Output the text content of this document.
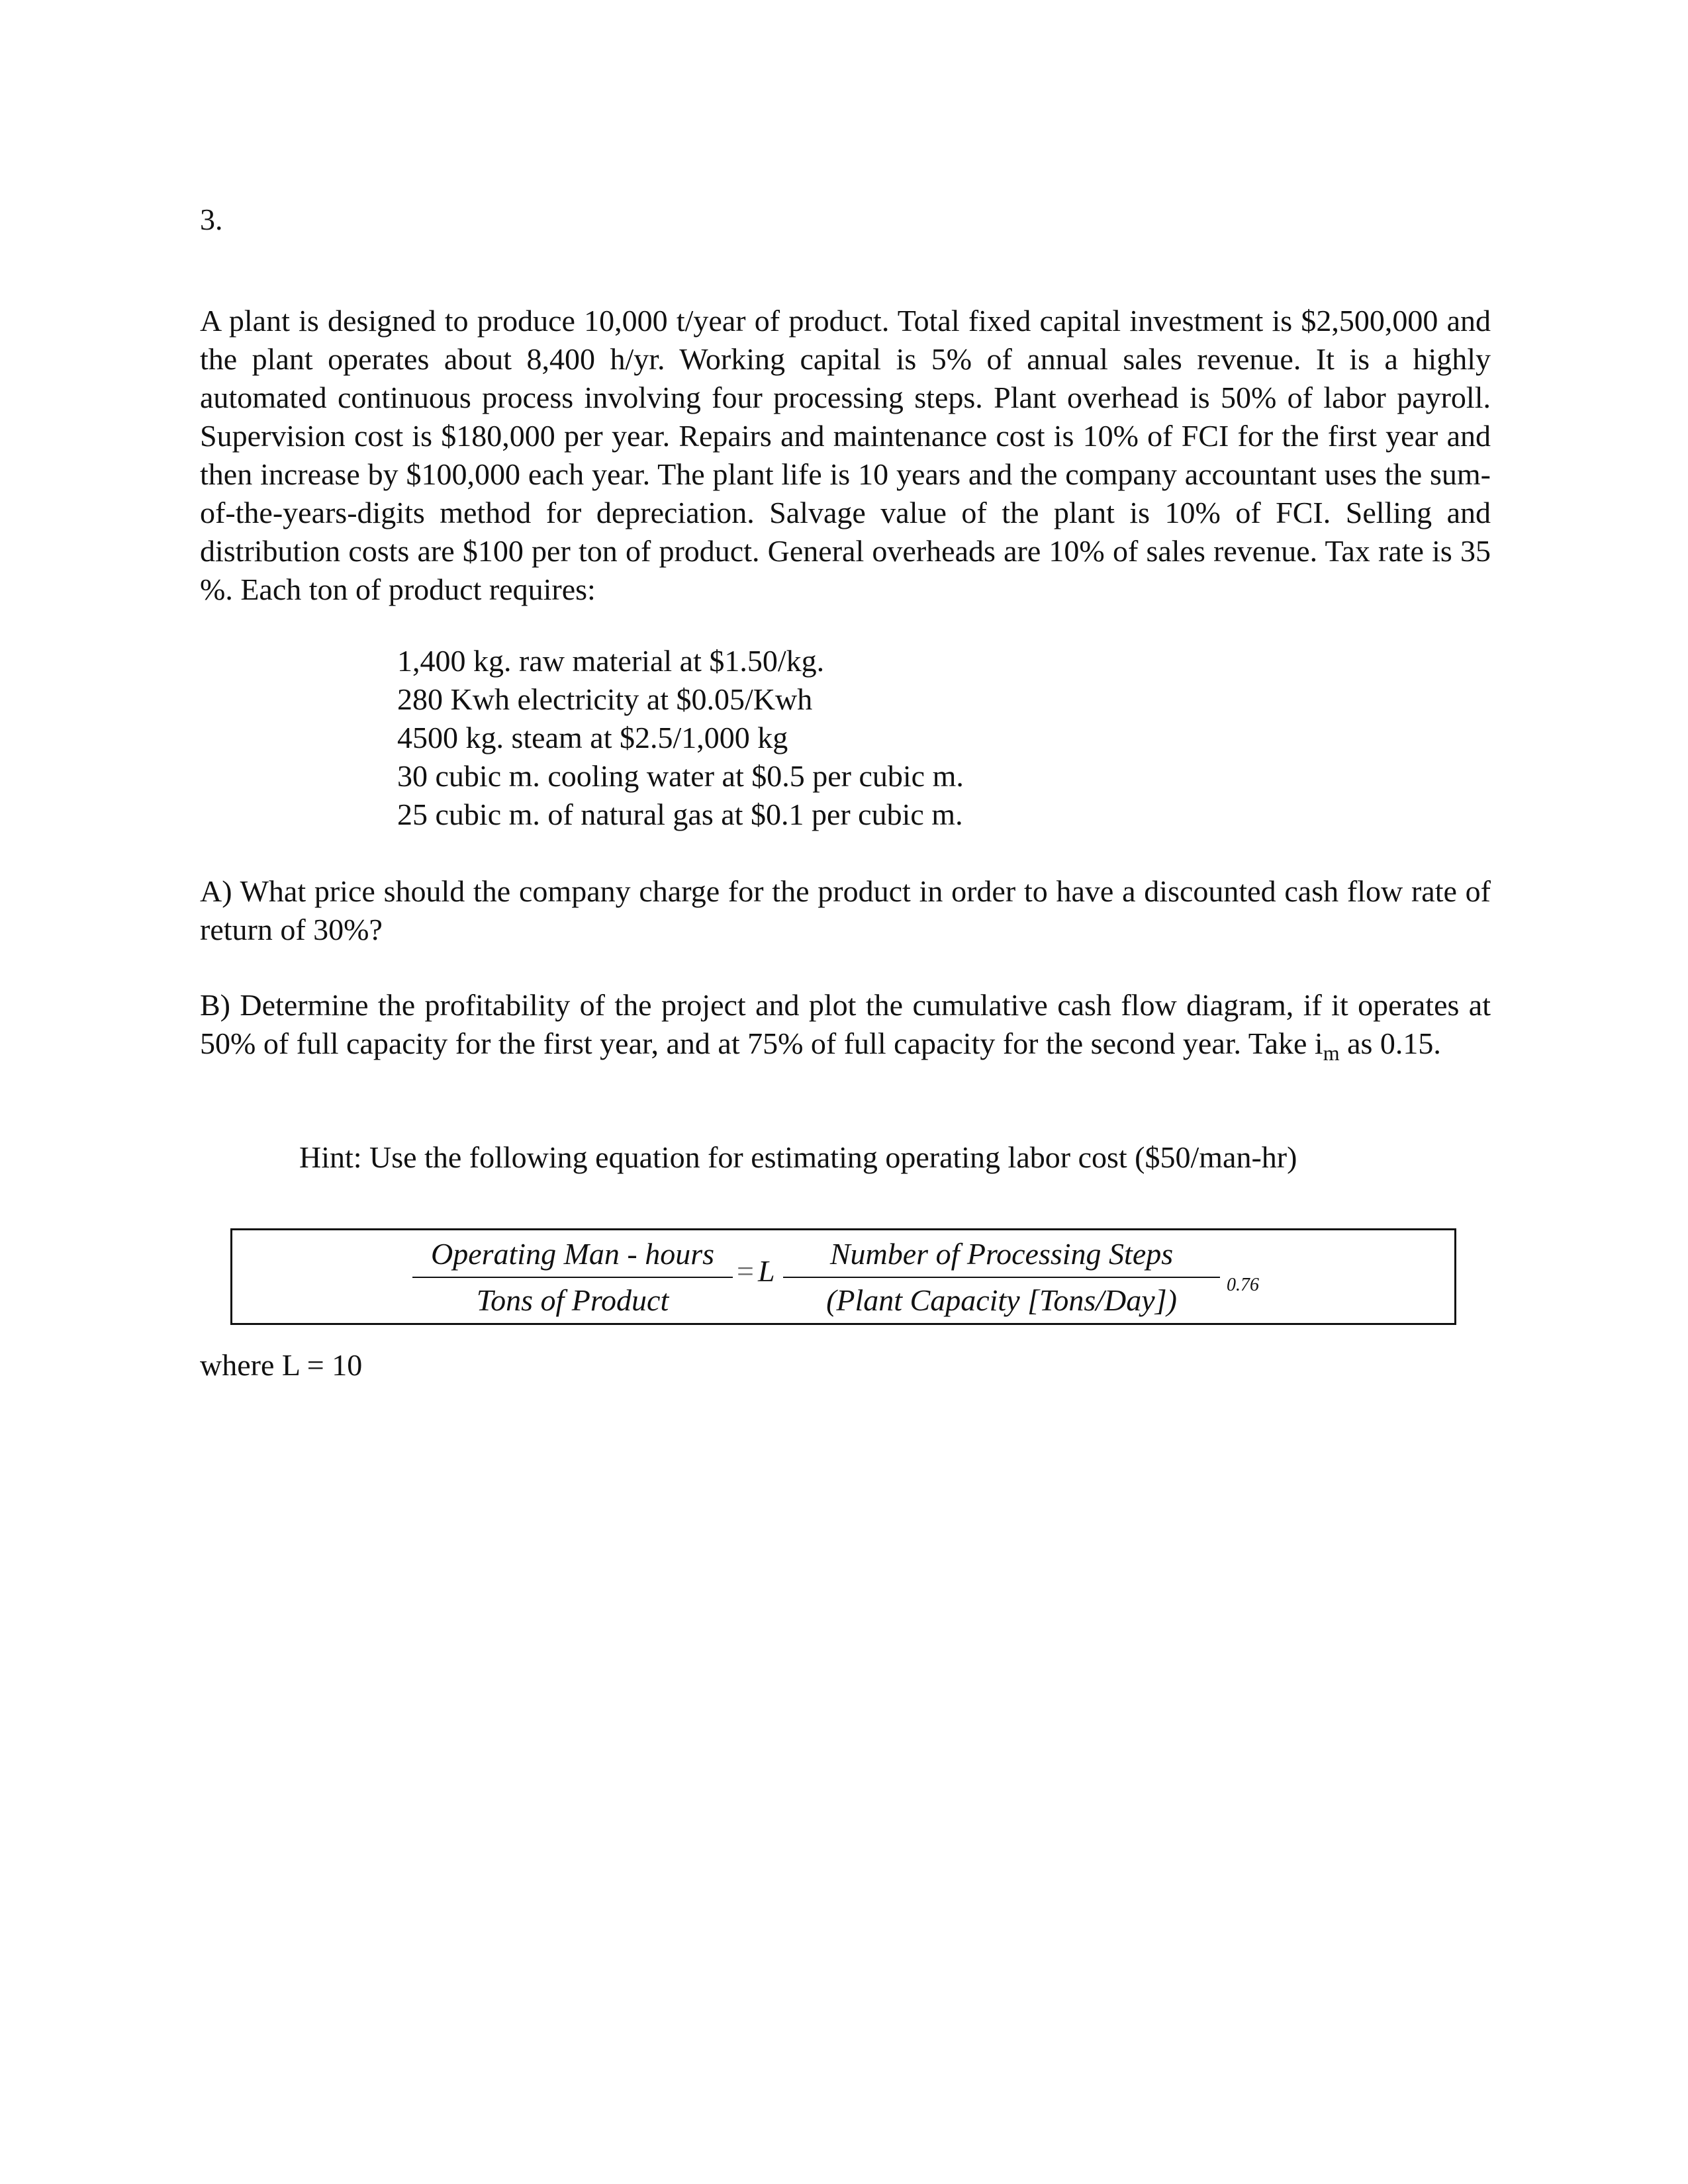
3.

A plant is designed to produce 10,000 t/year of product. Total fixed capital investment is $2,500,000 and the plant operates about 8,400 h/yr. Working capital is 5% of annual sales revenue. It is a highly automated continuous process involving four processing steps. Plant overhead is 50% of labor payroll. Supervision cost is $180,000 per year. Repairs and maintenance cost is 10% of FCI for the first year and then increase by $100,000 each year. The plant life is 10 years and the company accountant uses the sum-of-the-years-digits method for depreciation. Salvage value of the plant is 10% of FCI. Selling and distribution costs are $100 per ton of product. General overheads are 10% of sales revenue. Tax rate is 35 %. Each ton of product requires:

1,400 kg. raw material at $1.50/kg.
280 Kwh electricity at $0.05/Kwh
4500 kg. steam at $2.5/1,000 kg
30 cubic m. cooling water at $0.5 per cubic m.
25 cubic m. of natural gas at $0.1 per cubic m.

A) What price should the company charge for the product in order to have a discounted cash flow rate of return of 30%?

B) Determine the profitability of the project and plot the cumulative cash flow diagram, if it operates at 50% of full capacity for the first year, and at 75% of full capacity for the second year. Take $i_m$ as 0.15.

Hint: Use the following equation for estimating operating labor cost ($50/man-hr)
Operating Man - hours
Tons of Product
= L
Number of Processing Steps
(Plant Capacity [Tons/Day])	0.76
where L = 10
